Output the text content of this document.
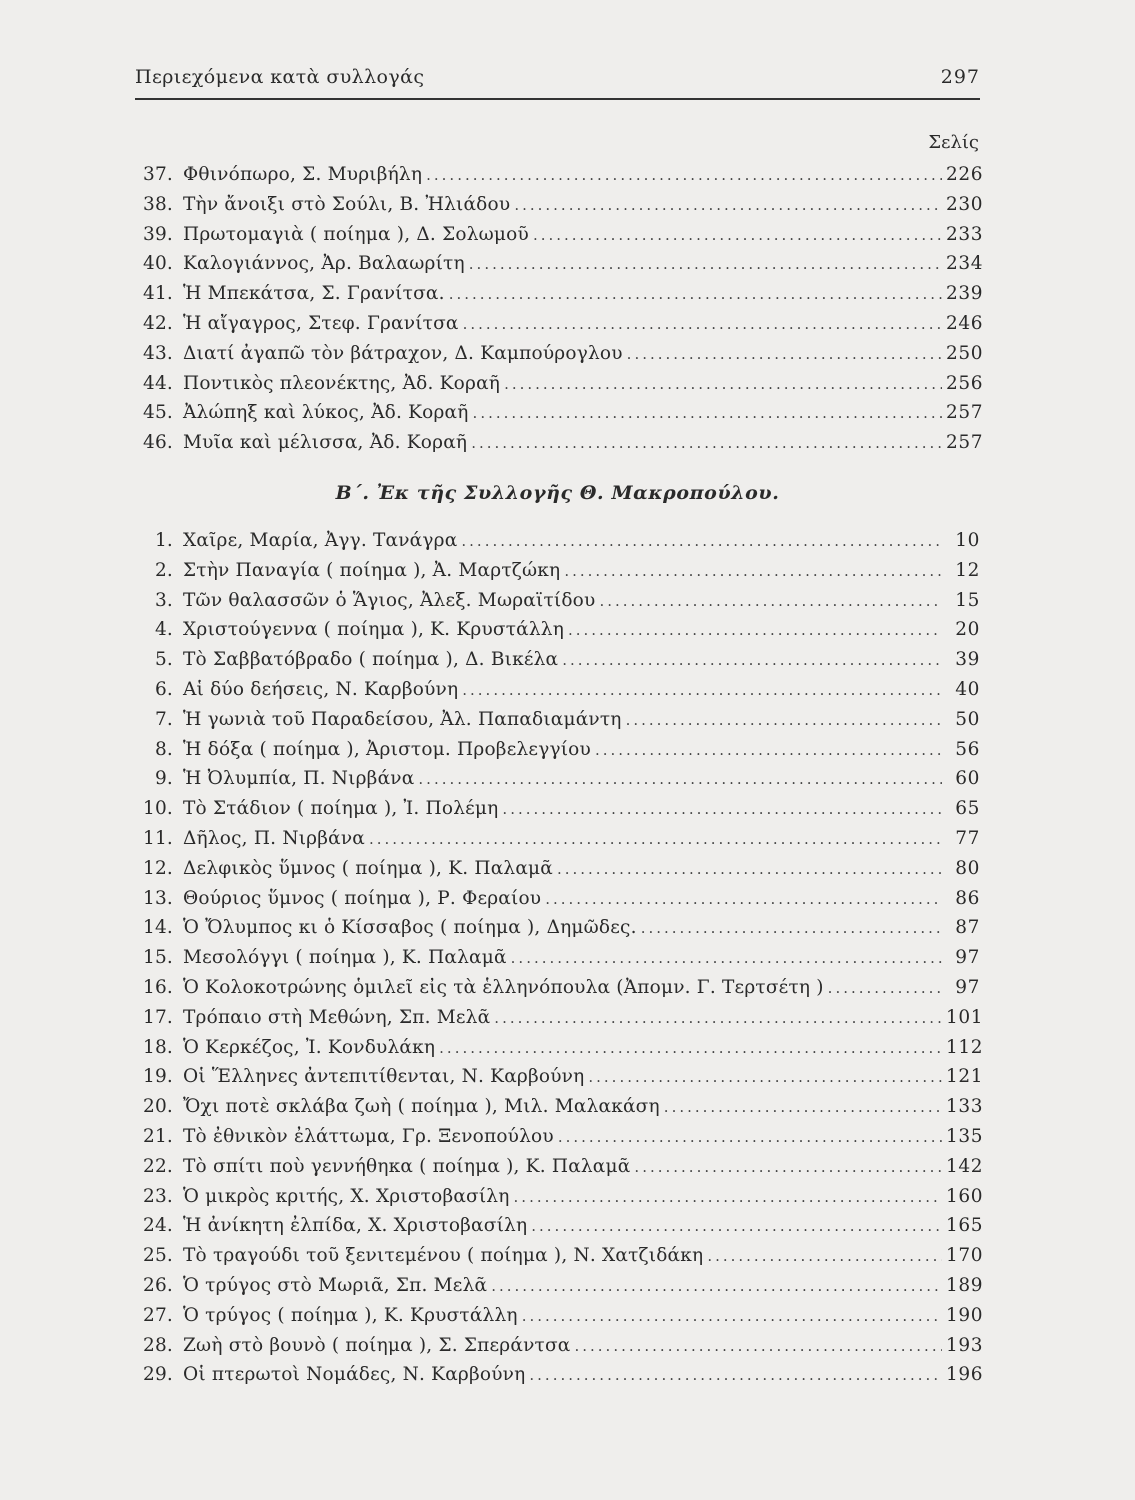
Περιεχόμενα κατὰ συλλογάς	297
Σελίς
37. Φθινόπωρο, Σ. Μυριβήλη .....	226
38. Τὴν ἄνοιξι στὸ Σούλι, Β. Ἠλιάδου .....	230
39. Πρωτομαγιὰ ( ποίημα ), Δ. Σολωμοῦ .....	233
40. Καλογιάννος, Ἀρ. Βαλαωρίτη .....	234
41. Ἡ Μπεκάτσα, Σ. Γρανίτσα. .....	239
42. Ἡ αἴγαγρος, Στεφ. Γρανίτσα .....	246
43. Διατί ἀγαπῶ τὸν βάτραχον, Δ. Καμπούρογλου .....	250
44. Ποντικὸς πλεονέκτης, Ἀδ. Κοραῆ .....	256
45. Ἀλώπηξ καὶ λύκος, Ἀδ. Κοραῆ .....	257
46. Μυῖα καὶ μέλισσα, Ἀδ. Κοραῆ .....	257
Β΄. Ἐκ τῆς Συλλογῆς Θ. Μακροπούλου.
1. Χαῖρε, Μαρία, Ἀγγ. Τανάγρα .....	10
2. Στὴν Παναγία ( ποίημα ), Ἀ. Μαρτζώκη .....	12
3. Τῶν θαλασσῶν ὁ Ἅγιος, Ἀλεξ. Μωραϊτίδου .....	15
4. Χριστούγεννα ( ποίημα ), Κ. Κρυστάλλη .....	20
5. Τὸ Σαββατόβραδο ( ποίημα ), Δ. Βικέλα .....	39
6. Αἱ δύο δεήσεις, Ν. Καρβούνη .....	40
7. Ἡ γωνιὰ τοῦ Παραδείσου, Ἀλ. Παπαδιαμάντη .....	50
8. Ἡ δόξα ( ποίημα ), Ἀριστομ. Προβελεγγίου .....	56
9. Ἡ Ὀλυμπία, Π. Νιρβάνα .....	60
10. Τὸ Στάδιον ( ποίημα ), Ἰ. Πολέμη .....	65
11. Δῆλος, Π. Νιρβάνα .....	77
12. Δελφικὸς ὕμνος ( ποίημα ), Κ. Παλαμᾶ .....	80
13. Θούριος ὕμνος ( ποίημα ), Ρ. Φεραίου .....	86
14. Ὁ Ὄλυμπος κι ὁ Κίσσαβος ( ποίημα ), Δημῶδες. .....	87
15. Μεσολόγγι ( ποίημα ), Κ. Παλαμᾶ .....	97
16. Ὁ Κολοκοτρώνης ὁμιλεῖ εἰς τὰ ἑλληνόπουλα (Ἀπομν. Γ. Τερτσέτη ) .....	97
17. Τρόπαιο στὴ Μεθώνη, Σπ. Μελᾶ .....	101
18. Ὁ Κερκέζος, Ἰ. Κονδυλάκη .....	112
19. Οἱ Ἕλληνες ἀντεπιτίθενται, Ν. Καρβούνη .....	121
20. Ὄχι ποτὲ σκλάβα ζωὴ ( ποίημα ), Μιλ. Μαλακάση .....	133
21. Τὸ ἐθνικὸν ἐλάττωμα, Γρ. Ξενοπούλου .....	135
22. Τὸ σπίτι ποὺ γεννήθηκα ( ποίημα ), Κ. Παλαμᾶ .....	142
23. Ὁ μικρὸς κριτής, Χ. Χριστοβασίλη .....	160
24. Ἡ ἀνίκητη ἐλπίδα, Χ. Χριστοβασίλη .....	165
25. Τὸ τραγούδι τοῦ ξενιτεμένου ( ποίημα ), Ν. Χατζιδάκη .....	170
26. Ὁ τρύγος στὸ Μωριᾶ, Σπ. Μελᾶ .....	189
27. Ὁ τρύγος ( ποίημα ), Κ. Κρυστάλλη .....	190
28. Ζωὴ στὸ βουνὸ ( ποίημα ), Σ. Σπεράντσα .....	193
29. Οἱ πτερωτοὶ Νομάδες, Ν. Καρβούνη .....	196
